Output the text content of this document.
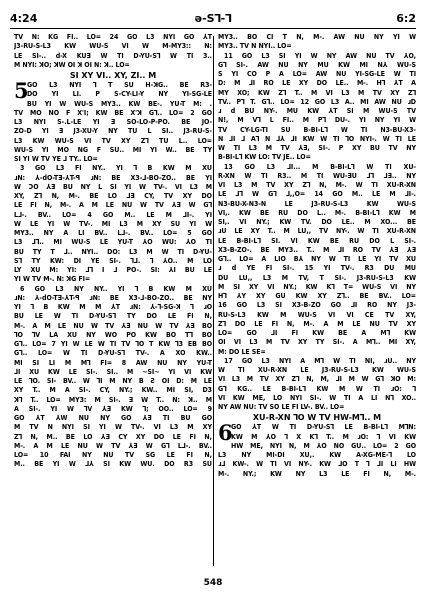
4:24	ǝ-S⅂-⅂	6:2
TV N: KG FI.. LO= 24 GO L3 NYI GO ⅄T
J3-RU-S-L3 KW WU-S VI W M-MY3:: N:
LE SI-.. d-X KUƎ W TI D-YU-S⅂ W TI 3..
M NYI: ꓘO; ꓘW OI ꓘ OI N: ꓘ.. LO=
SI XY VI.. XY, ZI.. M
5
GO L3 NYI ⅂ T SU H-ꓘG.. BE R3-
DO YI LI. P S-CY-LI-Y NY YI-SG-LE
BU YI W WU-S MY3.. KW BE-. YU-T M: .
TV MO NO F X'I; KW BE X'ꓘ G⅂.. LO= 2 GO
L3 NYI S-.L-LE YI Ǝ SO-LO-P-PO. BE JO-
ZO-D YI Ǝ J3-XU-Y NY TU L SI.. J3-RU-S-
L3 KW WU-S VI TV XY Z⅂ TU L.. LO=
WU-S YI MO NG F SU.. MI YI W.. BE TY
SI YI W TV YE ⅃ TY.. LO=
3 GO L3 FI NY.. YI ⅂ B KW M XU
ɹN: ⅄-dO-TƎ-⅄T-ꟼ ɹN: BE X3-⅃-BO-ZO.. BE YI
W ƆO ⅄Ǝ BU NY L SI YI W TV-. VI L3 M
XY, Z⅂ N, M-. BE LO ⅃Ǝ CY, TV XY DO
LE FI N, M-. A M LE NU W TV ⅄Ǝ W G⅂
L⅃-. BV.. LO= 4 GO M.. LE M ⅃I-. YI
W LE YI W TV-. MI L3 M XY SU YI W
MY3.. NY A LI BV.. L⅃-. BV.. LO= 5 GO
L3 ⅃⅂.. MI WU-S LE YU-T ⅄O WU: ⅄O TI
BU TY T ⅃.. NYI.. DO: L3 M W TI D-YU-
S⅂ TY KW: DI YE SI-. ⅂⅃. ⅂ ⅄O.. M LO
LY XU M: YI: ⅃⅂ I ⅃ PO-. SI: ⅄I BU LE
YI W TV M-. N: ꓘG FI=
6 GO L3 NY NY.. YI ⅂ B KW M XU
ɹN: ⅄-dO-TƎ-⅄T-ꟼ ɹN: BE X3-⅃-BO-ZO.. BE NY
YI ⅂ B KW M M ⅄T ɹN: ⅄-⅂-SG-ꓘ ⅂ ɹO
BU LE W TI D-YU-S⅂ TY DO LE FI N,
M-. A M LE NU W TV ⅄Ǝ NU W TV ⅄Ǝ BO
⅂O ⅂V LA XU NY WO PO KW BO T⅂ BO
G⅂.. LO= 7 YI W LE W TI TV ⅂O T KW ⅂3 EB BO
G⅂.. LO= W TI D-YU-S⅂ TV-. A XO KW..
MI SI LI M M⅂ FI= 8 AW NU NY YU-T
⅃I XU KW LE SI-. SI.. M ~SI~ YI VI KW
LE ⅂O. SI- BV.. W ⅂I M NY B Ƨ OI D: M LE
XY T.. M A SI-. CY, NY.; KW.. MI SI, D3
ꓘ⅂ T.. LO= MY3: M SI-. Ǝ W T.. N: ꓘ.. M
A SI-. YI W ⅂V ⅄Ǝ KW ⅂; OO.. LO= 9
GO ⅄T ⅄W NU NY GO ⅄Ǝ TI BU GO
M TV N NYI SI YI W TV-. VI L3 M XY
Z⅂ N, M.. BE LO ⅄Ǝ CY XY DO LE FI N,
M-. A M LE NU W TV ⅄Ǝ W G⅂ L⅃-. BV..
LO= 10 FAI NY NU TV SG LE FI N,
M.. BE YI W ⅃⅄ SI KW WU. DO R3 SU
MY3.. BO CI T N, M-. AW NU NY YI W
MY3.. TV N NYI.. LO=
11 GO L3 SI YI W NY AW NU TV ⅄O,
G⅂ SI-. AW NU NY MU KW MI N⅄ WU-S
S YI CO P A LO= AW NU YI-SG-LE W TI
D: M ⅃I RO LE XY DO LE.. M-. H⅂ ⅄T A
MY XO; KW Z⅂ T.. M VI L3 M TV XY Z⅂
TV.. P⅂ T. G⅂.. LO= 12 GO L3 A.. MI AW NU ɹD
ɹ d BU NY-. MU KW ⅄T SI M WU-S TV
N!, M V⅂ L FI.. M P⅂ DU-. YI NY YI W
TV CY-LG-TI SU B-BI-L⅂ W TI N3-BU-X3-
N ⅃I ⅃ A⅂ N ⅃⅄ ⅃I KW W TI ⅂O NYI-. W TI LE
W TI L3 M TV ⅄Ǝ, SI-. P XY BU TV NY
B-BI-L⅂ KW LO: TV JE.. LO=
13 GO L3 ⅃I... M B-BI-L⅂ W TI XU-
R-XN W TI R3.. M TI WU-ƎU ⅃⅂ ⅃Ǝ.. NY
VI L3 M TV XY Z⅂ N, M-. W TI XU-R-XN
LE ⅃⅂ W G⅂ ⅃,,O= 14 GO M.. LE M ⅃I-.
N3-BU-X-N3-N LE J3-RU-S-L3 KW WU-S
VI,. KW BE RU DO L.. M-. B-BI-L⅂ KW M
SI,. VI NY.; KW TV. DO LE.. M XO... BE
ɹU LE XY T.. M LU,, TV NY-. W TI XU-R-XN
LE B-BI-L⅂ SI. VI KW BE RU DO L SI-.
X3-B-ZO-. BE MY3.. T.. M ⅃I RO TV ⅄Ǝ ⅄Ǝ
G⅂.. LO= A LIO B⅄ NY W TI LE YI TV XU
ɹ d YE FI SI-. 15 YI TV-. R3 DU MU
DU LU,, L3 M TV, T SI-. J3-RU-S-L3 KW
M SI XY VI NY.; KW K⅂ T= WU-S VI NY
H⅂ ⅄Y XY GU KW XY Z⅂.. BE BV.. LO=
16 GO L3 SI X3-B-ZO GO ⅃I RO NY J3-
RU-S-L3 KW M WU-S VI VI CE TV XY,
Z⅂ DO LE FI N, M-. A M LE NU TV XY
LO= GO ⅃I FI KW BE A M⅂ KW
OI VI L3 M TV XY TY SI-. A M⅂.. MI XY,
M: DO LE SE=
17 GO L3 NYI A M⅂ W TI NI, ɹU.. NY
W TI XU-R-XN LE J3-RU-S-L3 KW WU-S
VI L3 M TV XY Z⅂ N, M, ⅃I M W G⅂ ꓘO M:
G⅂ KG.. LE B-BI-L⅂ KW M W TI ɹO: ⅂
VI KW ME, LO NYI SI-. W TI A LI N⅂ XO..
NY AW NU: TV SO LE FI LV-. BV.. LO=
XU-R-XN ⅂O W TV HW-M⅂.. M
6
GO ⅄T W TI D-YU-S⅂ LE B-BI-L⅂ M⅂N:
KW M ⅄O ⅂ X K⅂ T.. M ɹO: ⅂ VI KW
HW ME, NYI N, M ⅄O NO GU.. LO= 2 GO
L3 NY MI-DI XU,. KW A-XG-ME-⅂ LO
ɹ⅃ KW-. W TI VI NY-. KW ⅃O T ⅂ ⅃I LI HW
M-. NY.; KW NY L3 LE FI N, M-.
548
